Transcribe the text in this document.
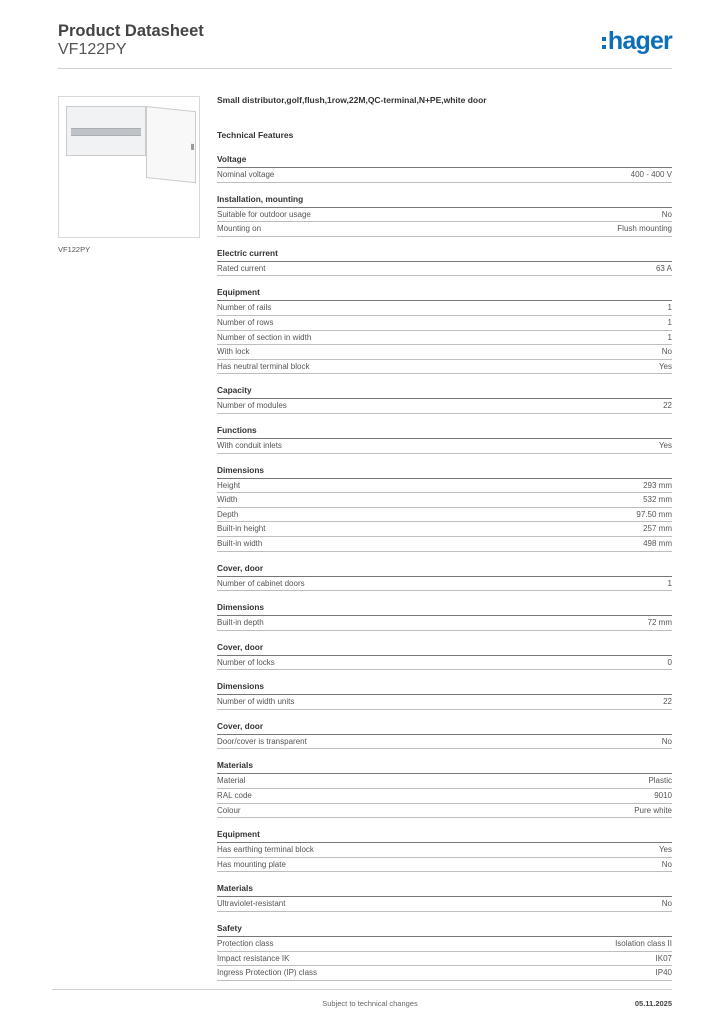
Product Datasheet
VF122PY	hager
VF122PY
Small distributor,golf,flush,1row,22M,QC-terminal,N+PE,white door
Technical Features
Voltage
Nominal voltage	400 - 400 V
Installation, mounting
Suitable for outdoor usage	No
Mounting on	Flush mounting
Electric current
Rated current	63 A
Equipment
Number of rails	1
Number of rows	1
Number of section in width	1
With lock	No
Has neutral terminal block	Yes
Capacity
Number of modules	22
Functions
With conduit inlets	Yes
Dimensions
Height	293 mm
Width	532 mm
Depth	97.50 mm
Built-in height	257 mm
Built-in width	498 mm
Cover, door
Number of cabinet doors	1
Dimensions
Built-in depth	72 mm
Cover, door
Number of locks	0
Dimensions
Number of width units	22
Cover, door
Door/cover is transparent	No
Materials
Material	Plastic
RAL code	9010
Colour	Pure white
Equipment
Has earthing terminal block	Yes
Has mounting plate	No
Materials
Ultraviolet-resistant	No
Safety
Protection class	Isolation class II
Impact resistance IK	IK07
Ingress Protection (IP) class	IP40
Subject to technical changes	05.11.2025
